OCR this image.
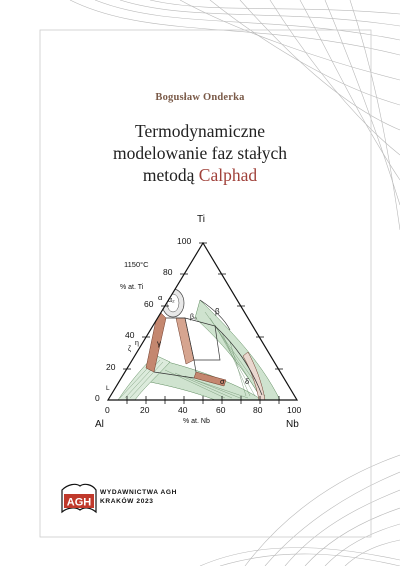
Bogusław Onderka
Termodynamiczne
modelowanie faz stałych
metodą Calphad
Ti
Al	Nb
1150°C
% at. Ti
% at. Nb
100
80
60
40
20
0
0	20	40	60	80	100
α α₂
β
β₀
γ
η
ζ
σ	δ
L
AGH
WYDAWNICTWA AGH
KRAKÓW 2023
